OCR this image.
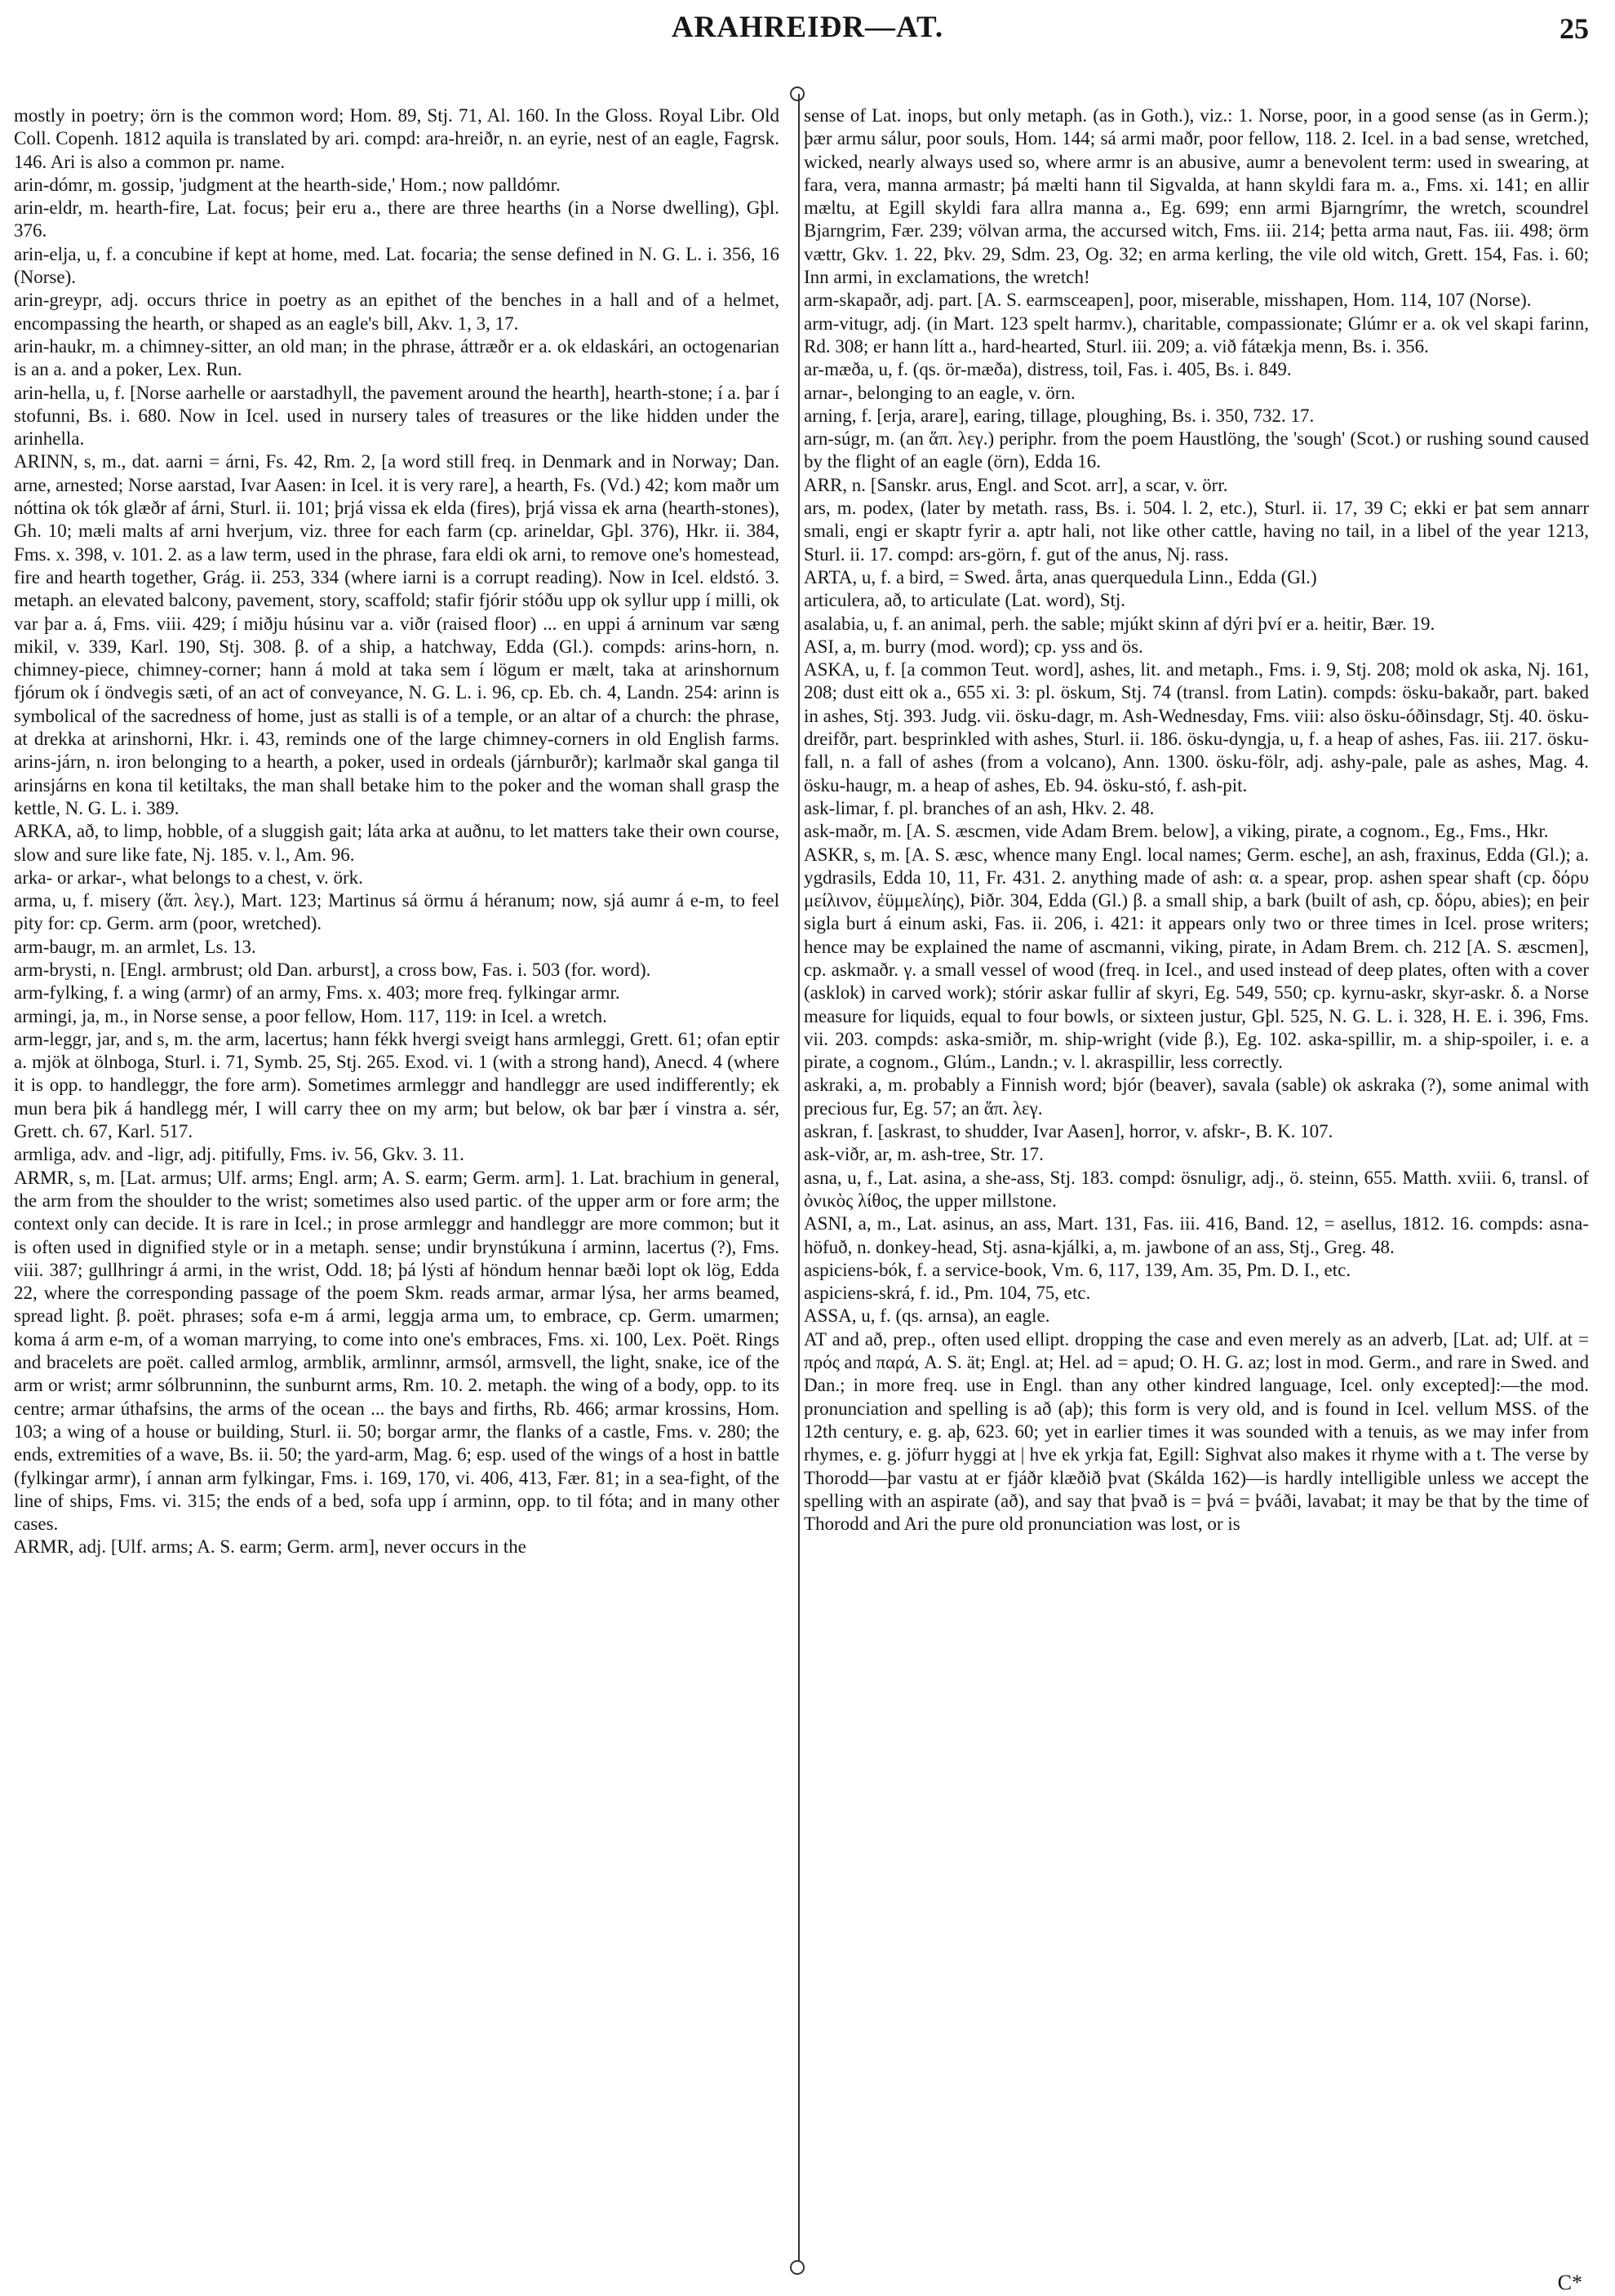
ARAHREIÐR—AT.	25

mostly in poetry; örn is the common word; Hom. 89, Stj. 71, Al. 160. In the Gloss. Royal Libr. Old Coll. Copenh. 1812 aquila is translated by ari. compd: ara-hreiðr, n. an eyrie, nest of an eagle, Fagrsk. 146. Ari is also a common pr. name.

arin-dómr, m. gossip, 'judgment at the hearth-side,' Hom.; now palldómr.

arin-eldr, m. hearth-fire, Lat. focus; þeir eru a., there are three hearths (in a Norse dwelling), Gþl. 376.

arin-elja, u, f. a concubine if kept at home, med. Lat. focaria; the sense defined in N. G. L. i. 356, 16 (Norse).

arin-greypr, adj. occurs thrice in poetry as an epithet of the benches in a hall and of a helmet, encompassing the hearth, or shaped as an eagle's bill, Akv. 1, 3, 17.

arin-haukr, m. a chimney-sitter, an old man; in the phrase, áttræðr er a. ok eldaskári, an octogenarian is an a. and a poker, Lex. Run.

arin-hella, u, f. [Norse aarhelle or aarstadhyll, the pavement around the hearth], hearth-stone; í a. þar í stofunni, Bs. i. 680. Now in Icel. used in nursery tales of treasures or the like hidden under the arinhella.

ARINN, s, m., dat. aarni = árni, Fs. 42, Rm. 2, [a word still freq. in Denmark and in Norway; Dan. arne, arnested; Norse aarstad, Ivar Aasen: in Icel. it is very rare], a hearth, Fs. (Vd.) 42; kom maðr um nóttina ok tók glæðr af árni, Sturl. ii. 101; þrjá vissa ek elda (fires), þrjá vissa ek arna (hearth-stones), Gh. 10; mæli malts af arni hverjum, viz. three for each farm (cp. arineldar, Gþl. 376), Hkr. ii. 384, Fms. x. 398, v. 101. 2. as a law term, used in the phrase, fara eldi ok arni, to remove one's homestead, fire and hearth together, Grág. ii. 253, 334 (where iarni is a corrupt reading). Now in Icel. eldstó. 3. metaph. an elevated balcony, pavement, story, scaffold; stafir fjórir stóðu upp ok syllur upp í milli, ok var þar a. á, Fms. viii. 429; í miðju húsinu var a. viðr (raised floor) ... en uppi á arninum var sæng mikil, v. 339, Karl. 190, Stj. 308. β. of a ship, a hatchway, Edda (Gl.). compds: arins-horn, n. chimney-piece, chimney-corner; hann á mold at taka sem í lögum er mælt, taka at arinshornum fjórum ok í öndvegis sæti, of an act of conveyance, N. G. L. i. 96, cp. Eb. ch. 4, Landn. 254: arinn is symbolical of the sacredness of home, just as stalli is of a temple, or an altar of a church: the phrase, at drekka at arinshorni, Hkr. i. 43, reminds one of the large chimney-corners in old English farms. arins-járn, n. iron belonging to a hearth, a poker, used in ordeals (járnburðr); karlmaðr skal ganga til arinsjárns en kona til ketiltaks, the man shall betake him to the poker and the woman shall grasp the kettle, N. G. L. i. 389.

ARKA, að, to limp, hobble, of a sluggish gait; láta arka at auðnu, to let matters take their own course, slow and sure like fate, Nj. 185. v. l., Am. 96.

arka- or arkar-, what belongs to a chest, v. örk.

arma, u, f. misery (ἅπ. λεγ.), Mart. 123; Martinus sá örmu á héranum; now, sjá aumr á e-m, to feel pity for: cp. Germ. arm (poor, wretched).

arm-baugr, m. an armlet, Ls. 13.

arm-brysti, n. [Engl. armbrust; old Dan. arburst], a cross bow, Fas. i. 503 (for. word).

arm-fylking, f. a wing (armr) of an army, Fms. x. 403; more freq. fylkingar armr.

armingi, ja, m., in Norse sense, a poor fellow, Hom. 117, 119: in Icel. a wretch.

arm-leggr, jar, and s, m. the arm, lacertus; hann fékk hvergi sveigt hans armleggi, Grett. 61; ofan eptir a. mjök at ölnboga, Sturl. i. 71, Symb. 25, Stj. 265. Exod. vi. 1 (with a strong hand), Anecd. 4 (where it is opp. to handleggr, the fore arm). Sometimes armleggr and handleggr are used indifferently; ek mun bera þik á handlegg mér, I will carry thee on my arm; but below, ok bar þær í vinstra a. sér, Grett. ch. 67, Karl. 517.

armliga, adv. and -ligr, adj. pitifully, Fms. iv. 56, Gkv. 3. 11.

ARMR, s, m. [Lat. armus; Ulf. arms; Engl. arm; A. S. earm; Germ. arm]. 1. Lat. brachium in general, the arm from the shoulder to the wrist; sometimes also used partic. of the upper arm or fore arm; the context only can decide. It is rare in Icel.; in prose armleggr and handleggr are more common; but it is often used in dignified style or in a metaph. sense; undir brynstúkuna í arminn, lacertus (?), Fms. viii. 387; gullhringr á armi, in the wrist, Odd. 18; þá lýsti af höndum hennar bæði lopt ok lög, Edda 22, where the corresponding passage of the poem Skm. reads armar, armar lýsa, her arms beamed, spread light. β. poët. phrases; sofa e-m á armi, leggja arma um, to embrace, cp. Germ. umarmen; koma á arm e-m, of a woman marrying, to come into one's embraces, Fms. xi. 100, Lex. Poët. Rings and bracelets are poët. called armlog, armblik, armlinnr, armsól, armsvell, the light, snake, ice of the arm or wrist; armr sólbrunninn, the sunburnt arms, Rm. 10. 2. metaph. the wing of a body, opp. to its centre; armar úthafsins, the arms of the ocean ... the bays and firths, Rb. 466; armar krossins, Hom. 103; a wing of a house or building, Sturl. ii. 50; borgar armr, the flanks of a castle, Fms. v. 280; the ends, extremities of a wave, Bs. ii. 50; the yard-arm, Mag. 6; esp. used of the wings of a host in battle (fylkingar armr), í annan arm fylkingar, Fms. i. 169, 170, vi. 406, 413, Fær. 81; in a sea-fight, of the line of ships, Fms. vi. 315; the ends of a bed, sofa upp í arminn, opp. to til fóta; and in many other cases.

ARMR, adj. [Ulf. arms; A. S. earm; Germ. arm], never occurs in the

sense of Lat. inops, but only metaph. (as in Goth.), viz.: 1. Norse, poor, in a good sense (as in Germ.); þær armu sálur, poor souls, Hom. 144; sá armi maðr, poor fellow, 118. 2. Icel. in a bad sense, wretched, wicked, nearly always used so, where armr is an abusive, aumr a benevolent term: used in swearing, at fara, vera, manna armastr; þá mælti hann til Sigvalda, at hann skyldi fara m. a., Fms. xi. 141; en allir mæltu, at Egill skyldi fara allra manna a., Eg. 699; enn armi Bjarngrímr, the wretch, scoundrel Bjarngrim, Fær. 239; völvan arma, the accursed witch, Fms. iii. 214; þetta arma naut, Fas. iii. 498; örm vættr, Gkv. 1. 22, Þkv. 29, Sdm. 23, Og. 32; en arma kerling, the vile old witch, Grett. 154, Fas. i. 60; Inn armi, in exclamations, the wretch!

arm-skapaðr, adj. part. [A. S. earmsceapen], poor, miserable, misshapen, Hom. 114, 107 (Norse).

arm-vitugr, adj. (in Mart. 123 spelt harmv.), charitable, compassionate; Glúmr er a. ok vel skapi farinn, Rd. 308; er hann lítt a., hard-hearted, Sturl. iii. 209; a. við fátækja menn, Bs. i. 356.

ar-mæða, u, f. (qs. ör-mæða), distress, toil, Fas. i. 405, Bs. i. 849.

arnar-, belonging to an eagle, v. örn.

arning, f. [erja, arare], earing, tillage, ploughing, Bs. i. 350, 732. 17.

arn-súgr, m. (an ἅπ. λεγ.) periphr. from the poem Haustlöng, the 'sough' (Scot.) or rushing sound caused by the flight of an eagle (örn), Edda 16.

ARR, n. [Sanskr. arus, Engl. and Scot. arr], a scar, v. örr.

ars, m. podex, (later by metath. rass, Bs. i. 504. l. 2, etc.), Sturl. ii. 17, 39 C; ekki er þat sem annarr smali, engi er skaptr fyrir a. aptr hali, not like other cattle, having no tail, in a libel of the year 1213, Sturl. ii. 17. compd: ars-görn, f. gut of the anus, Nj. rass.

ARTA, u, f. a bird, = Swed. årta, anas querquedula Linn., Edda (Gl.)

articulera, að, to articulate (Lat. word), Stj.

asalabia, u, f. an animal, perh. the sable; mjúkt skinn af dýri því er a. heitir, Bær. 19.

ASI, a, m. burry (mod. word); cp. yss and ös.

ASKA, u, f. [a common Teut. word], ashes, lit. and metaph., Fms. i. 9, Stj. 208; mold ok aska, Nj. 161, 208; dust eitt ok a., 655 xi. 3: pl. öskum, Stj. 74 (transl. from Latin). compds: ösku-bakaðr, part. baked in ashes, Stj. 393. Judg. vii. ösku-dagr, m. Ash-Wednesday, Fms. viii: also ösku-óðinsdagr, Stj. 40. ösku-dreifðr, part. besprinkled with ashes, Sturl. ii. 186. ösku-dyngja, u, f. a heap of ashes, Fas. iii. 217. ösku-fall, n. a fall of ashes (from a volcano), Ann. 1300. ösku-fölr, adj. ashy-pale, pale as ashes, Mag. 4. ösku-haugr, m. a heap of ashes, Eb. 94. ösku-stó, f. ash-pit.

ask-limar, f. pl. branches of an ash, Hkv. 2. 48.

ask-maðr, m. [A. S. æscmen, vide Adam Brem. below], a viking, pirate, a cognom., Eg., Fms., Hkr.

ASKR, s, m. [A. S. æsc, whence many Engl. local names; Germ. esche], an ash, fraxinus, Edda (Gl.); a. ygdrasils, Edda 10, 11, Fr. 431. 2. anything made of ash: α. a spear, prop. ashen spear shaft (cp. δόρυ μείλινον, ἐϋμμελίης), Þiðr. 304, Edda (Gl.) β. a small ship, a bark (built of ash, cp. δόρυ, abies); en þeir sigla burt á einum aski, Fas. ii. 206, i. 421: it appears only two or three times in Icel. prose writers; hence may be explained the name of ascmanni, viking, pirate, in Adam Brem. ch. 212 [A. S. æscmen], cp. askmaðr. γ. a small vessel of wood (freq. in Icel., and used instead of deep plates, often with a cover (asklok) in carved work); stórir askar fullir af skyri, Eg. 549, 550; cp. kyrnu-askr, skyr-askr. δ. a Norse measure for liquids, equal to four bowls, or sixteen justur, Gþl. 525, N. G. L. i. 328, H. E. i. 396, Fms. vii. 203. compds: aska-smiðr, m. ship-wright (vide β.), Eg. 102. aska-spillir, m. a ship-spoiler, i. e. a pirate, a cognom., Glúm., Landn.; v. l. akraspillir, less correctly.

askraki, a, m. probably a Finnish word; bjór (beaver), savala (sable) ok askraka (?), some animal with precious fur, Eg. 57; an ἅπ. λεγ.

askran, f. [askrast, to shudder, Ivar Aasen], horror, v. afskr-, B. K. 107.

ask-viðr, ar, m. ash-tree, Str. 17.

asna, u, f., Lat. asina, a she-ass, Stj. 183. compd: ösnuligr, adj., ö. steinn, 655. Matth. xviii. 6, transl. of ὀνικὸς λίθος, the upper millstone.

ASNI, a, m., Lat. asinus, an ass, Mart. 131, Fas. iii. 416, Band. 12, = asellus, 1812. 16. compds: asna-höfuð, n. donkey-head, Stj. asna-kjálki, a, m. jawbone of an ass, Stj., Greg. 48.

aspiciens-bók, f. a service-book, Vm. 6, 117, 139, Am. 35, Pm. D. I., etc.

aspiciens-skrá, f. id., Pm. 104, 75, etc.

ASSA, u, f. (qs. arnsa), an eagle.

AT and að, prep., often used ellipt. dropping the case and even merely as an adverb, [Lat. ad; Ulf. at = πρός and παρά, A. S. ät; Engl. at; Hel. ad = apud; O. H. G. az; lost in mod. Germ., and rare in Swed. and Dan.; in more freq. use in Engl. than any other kindred language, Icel. only excepted]:—the mod. pronunciation and spelling is að (aþ); this form is very old, and is found in Icel. vellum MSS. of the 12th century, e. g. aþ, 623. 60; yet in earlier times it was sounded with a tenuis, as we may infer from rhymes, e. g. jöfurr hyggi at | hve ek yrkja fat, Egill: Sighvat also makes it rhyme with a t. The verse by Thorodd—þar vastu at er fjáðr klæðið þvat (Skálda 162)—is hardly intelligible unless we accept the spelling with an aspirate (að), and say that þvað is = þvá = þváði, lavabat; it may be that by the time of Thorodd and Ari the pure old pronunciation was lost, or is

C*
